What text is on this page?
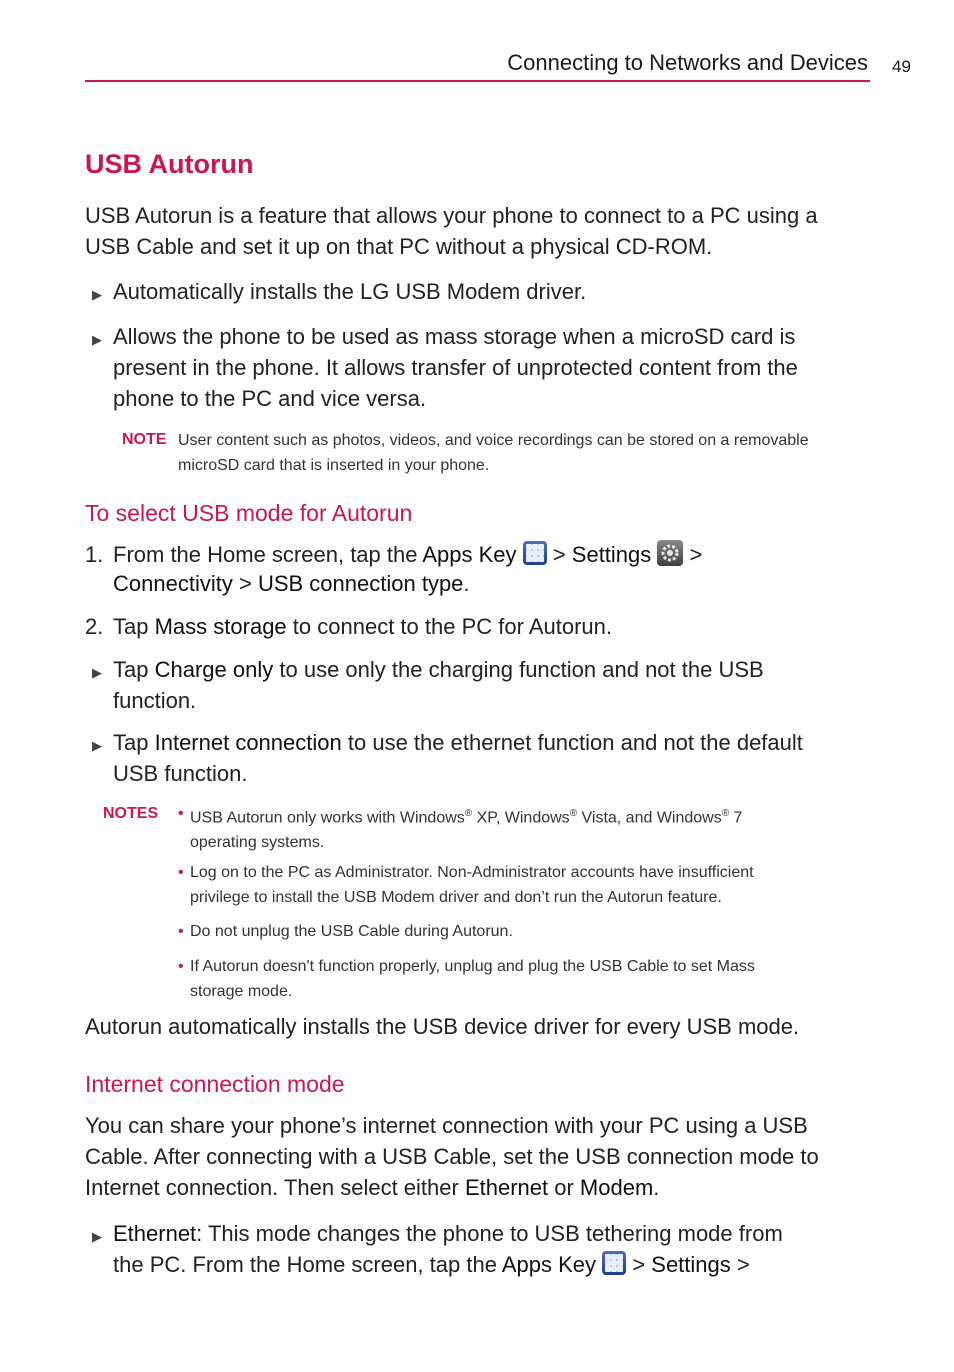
Connecting to Networks and Devices 49
USB Autorun
USB Autorun is a feature that allows your phone to connect to a PC using a
USB Cable and set it up on that PC without a physical CD-ROM.
▶ Automatically installs the LG USB Modem driver.
▶ Allows the phone to be used as mass storage when a microSD card is
present in the phone. It allows transfer of unprotected content from the
phone to the PC and vice versa.
NOTE User content such as photos, videos, and voice recordings can be stored on a removable
microSD card that is inserted in your phone.
To select USB mode for Autorun
1. From the Home screen, tap the Apps Key > Settings >
Connectivity > USB connection type.
2. Tap Mass storage to connect to the PC for Autorun.
▶ Tap Charge only to use only the charging function and not the USB
function.
▶ Tap Internet connection to use the ethernet function and not the default
USB function.
NOTES • USB Autorun only works with Windows® XP, Windows® Vista, and Windows® 7
operating systems.
• Log on to the PC as Administrator. Non-Administrator accounts have insufficient
privilege to install the USB Modem driver and don’t run the Autorun feature.
• Do not unplug the USB Cable during Autorun.
• If Autorun doesn't function properly, unplug and plug the USB Cable to set Mass
storage mode.
Autorun automatically installs the USB device driver for every USB mode.
Internet connection mode
You can share your phone’s internet connection with your PC using a USB
Cable. After connecting with a USB Cable, set the USB connection mode to
Internet connection. Then select either Ethernet or Modem.
▶ Ethernet: This mode changes the phone to USB tethering mode from
the PC. From the Home screen, tap the Apps Key > Settings >
